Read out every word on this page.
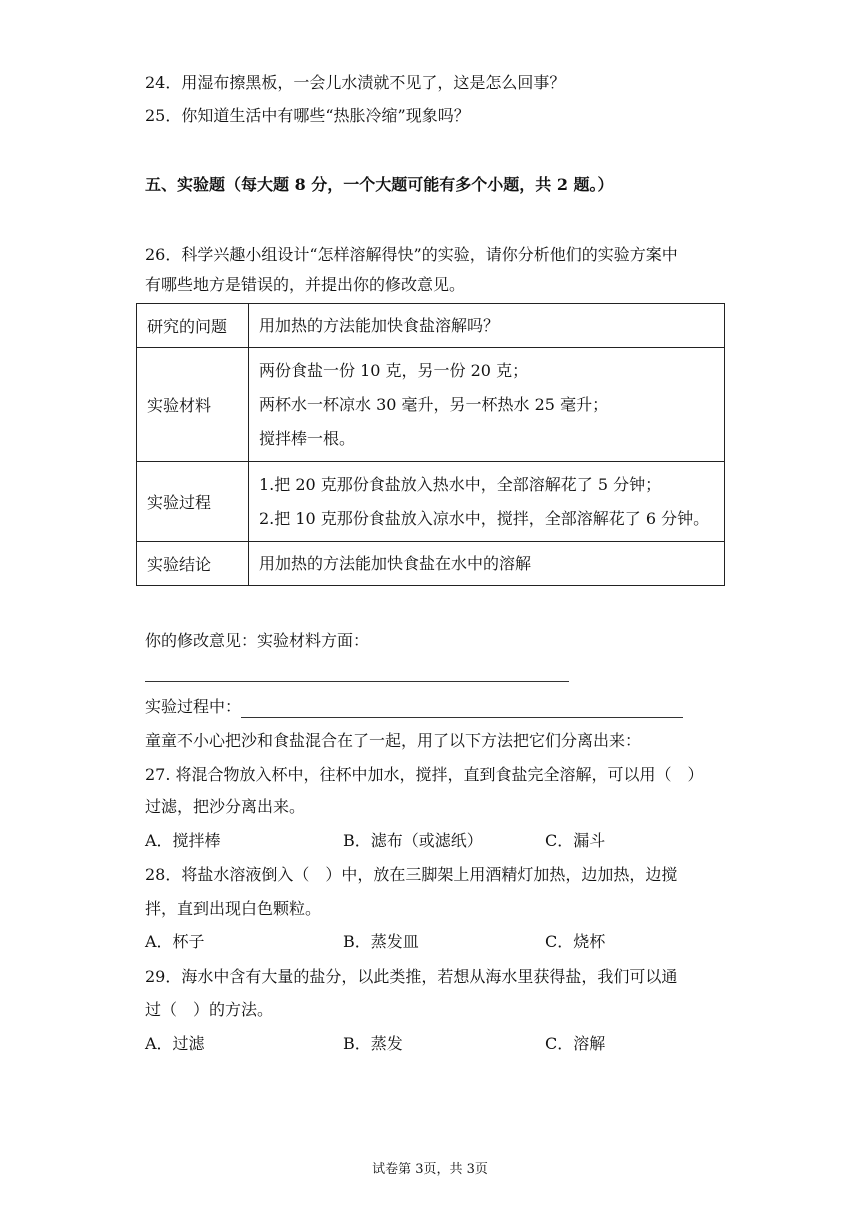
24．用湿布擦黑板，一会儿水渍就不见了，这是怎么回事？
25．你知道生活中有哪些“热胀冷缩”现象吗？
五、实验题（每大题 8 分，一个大题可能有多个小题，共 2 题。）
26．科学兴趣小组设计“怎样溶解得快”的实验，请你分析他们的实验方案中
有哪些地方是错误的，并提出你的修改意见。
研究的问题	用加热的方法能加快食盐溶解吗？

实验材料	两份食盐一份 10 克，另一份 20 克；
两杯水一杯凉水 30 毫升，另一杯热水 25 毫升；
搅拌棒一根。

实验过程	1.把 20 克那份食盐放入热水中，全部溶解花了 5 分钟；
2.把 10 克那份食盐放入凉水中，搅拌，全部溶解花了 6 分钟。

实验结论	用加热的方法能加快食盐在水中的溶解
你的修改意见：实验材料方面：
实验过程中：
童童不小心把沙和食盐混合在了一起，用了以下方法把它们分离出来：
27. 将混合物放入杯中，往杯中加水，搅拌，直到食盐完全溶解，可以用（　）
过滤，把沙分离出来。
A．搅拌棒	B．滤布（或滤纸）	C．漏斗
28．将盐水溶液倒入（　）中，放在三脚架上用酒精灯加热，边加热，边搅
拌，直到出现白色颗粒。
A．杯子	B．蒸发皿	C．烧杯
29．海水中含有大量的盐分，以此类推，若想从海水里获得盐，我们可以通
过（　）的方法。
A．过滤	B．蒸发	C．溶解
试卷第 3页，共 3页
